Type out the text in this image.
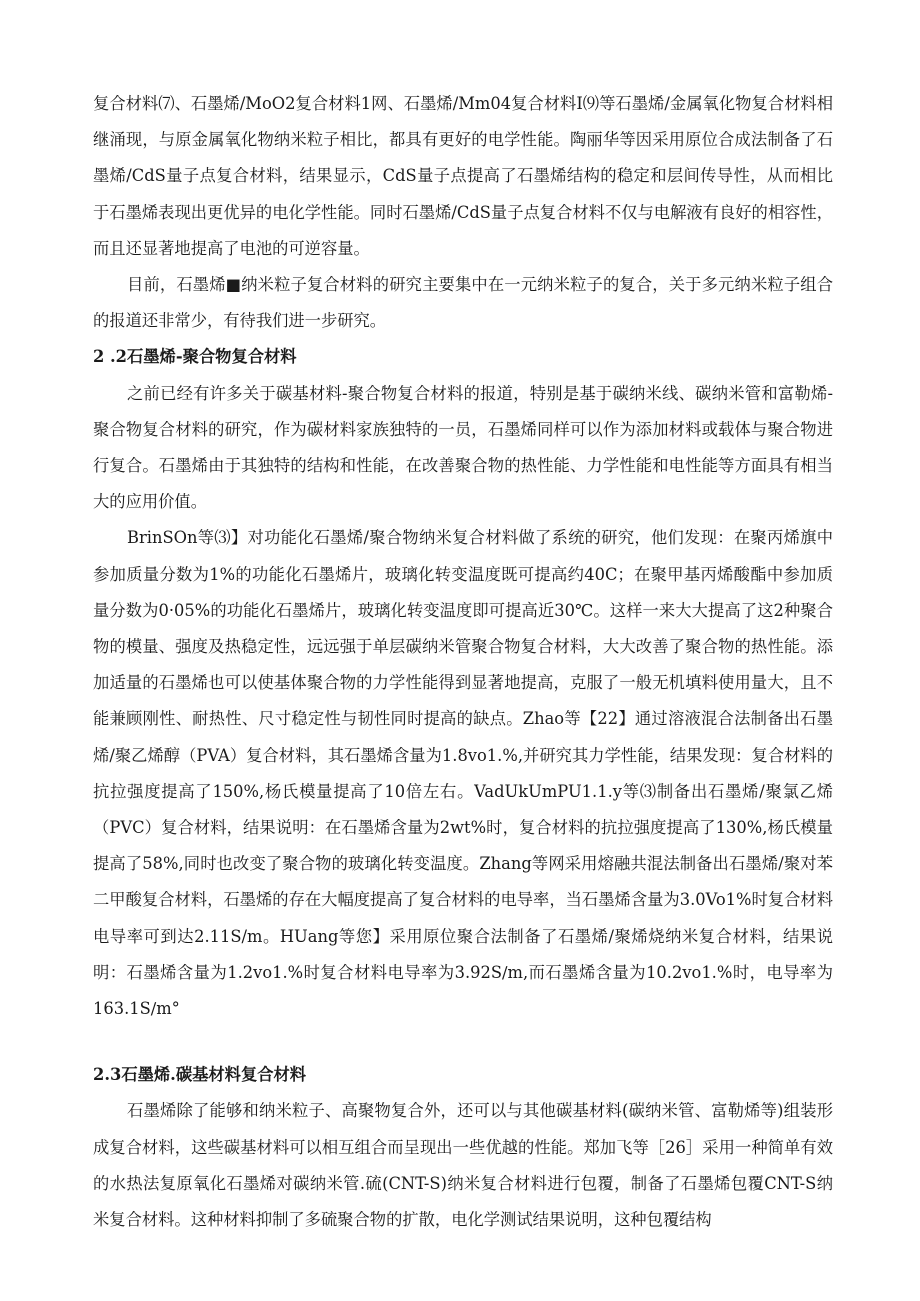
复合材料⑺、石墨烯/MoO2复合材料1网、石墨烯/Mm04复合材料I⑼等石墨烯/金属氧化物复合材料相继涌现，与原金属氧化物纳米粒子相比，都具有更好的电学性能。陶丽华等因采用原位合成法制备了石墨烯/CdS量子点复合材料，结果显示，CdS量子点提高了石墨烯结构的稳定和层间传导性，从而相比于石墨烯表现出更优异的电化学性能。同时石墨烯/CdS量子点复合材料不仅与电解液有良好的相容性，而且还显著地提高了电池的可逆容量。

目前，石墨烯■纳米粒子复合材料的研究主要集中在一元纳米粒子的复合，关于多元纳米粒子组合的报道还非常少，有待我们进一步研究。

2 .2石墨烯-聚合物复合材料

之前已经有许多关于碳基材料-聚合物复合材料的报道，特别是基于碳纳米线、碳纳米管和富勒烯-聚合物复合材料的研究，作为碳材料家族独特的一员，石墨烯同样可以作为添加材料或载体与聚合物进行复合。石墨烯由于其独特的结构和性能，在改善聚合物的热性能、力学性能和电性能等方面具有相当大的应用价值。

BrinSOn等⑶】对功能化石墨烯/聚合物纳米复合材料做了系统的研究，他们发现：在聚丙烯旗中参加质量分数为1%的功能化石墨烯片，玻璃化转变温度既可提高约40C；在聚甲基丙烯酸酯中参加质量分数为0·05%的功能化石墨烯片，玻璃化转变温度即可提高近30℃。这样一来大大提高了这2种聚合物的模量、强度及热稳定性，远远强于单层碳纳米管聚合物复合材料，大大改善了聚合物的热性能。添加适量的石墨烯也可以使基体聚合物的力学性能得到显著地提高，克服了一般无机填料使用量大，且不能兼顾刚性、耐热性、尺寸稳定性与韧性同时提高的缺点。Zhao等【22】通过溶液混合法制备出石墨烯/聚乙烯醇（PVA）复合材料，其石墨烯含量为1.8vo1.%,并研究其力学性能，结果发现：复合材料的抗拉强度提高了150%,杨氏模量提高了10倍左右。VadUkUmPU1.1.y等⑶制备出石墨烯/聚氯乙烯（PVC）复合材料，结果说明：在石墨烯含量为2wt%时，复合材料的抗拉强度提高了130%,杨氏模量提高了58%,同时也改变了聚合物的玻璃化转变温度。Zhang等网采用熔融共混法制备出石墨烯/聚对苯二甲酸复合材料，石墨烯的存在大幅度提高了复合材料的电导率，当石墨烯含量为3.0Vo1%时复合材料电导率可到达2.11S/m。HUang等您】采用原位聚合法制备了石墨烯/聚烯烧纳米复合材料，结果说明：石墨烯含量为1.2vo1.%时复合材料电导率为3.92S∕m,而石墨烯含量为10.2vo1.%时，电导率为163.1S∕m°

2.3石墨烯.碳基材料复合材料

石墨烯除了能够和纳米粒子、高聚物复合外，还可以与其他碳基材料(碳纳米管、富勒烯等)组装形成复合材料，这些碳基材料可以相互组合而呈现出一些优越的性能。郑加飞等［26］采用一种简单有效的水热法复原氧化石墨烯对碳纳米管.硫(CNT-S)纳米复合材料进行包覆，制备了石墨烯包覆CNT-S纳米复合材料。这种材料抑制了多硫聚合物的扩散，电化学测试结果说明，这种包覆结构
